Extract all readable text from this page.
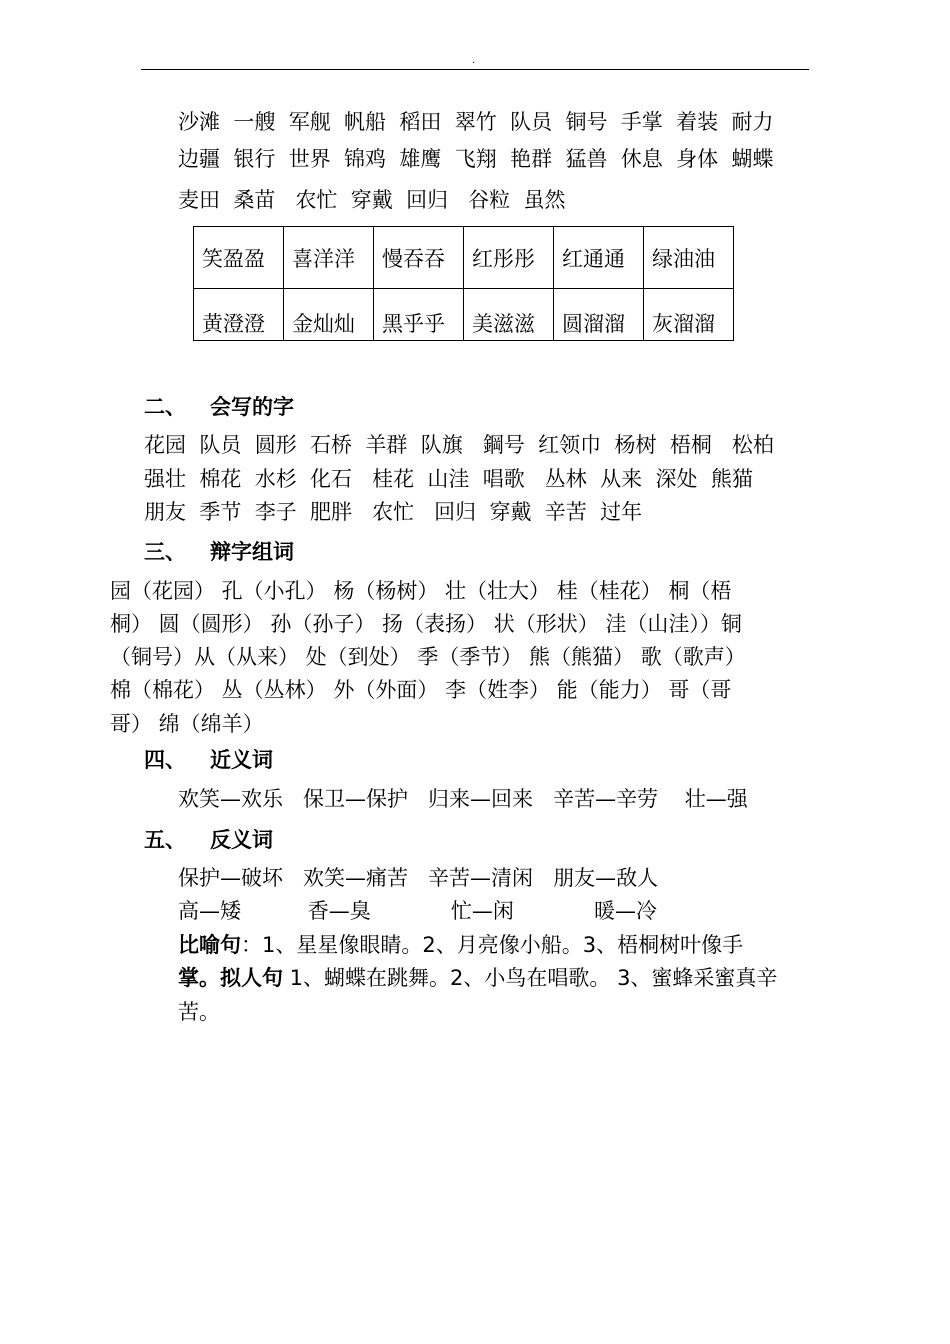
.
沙滩  一艘  军舰  帆船  稻田  翠竹  队员  铜号  手掌  着装  耐力
边疆  银行  世界  锦鸡  雄鹰  飞翔  艳群  猛兽  休息  身体  蝴蝶
麦田  桑苗   农忙  穿戴  回归   谷粒  虽然
笑盈盈	喜洋洋	慢吞吞	红彤彤	红通通	绿油油
黄澄澄	金灿灿	黑乎乎	美滋滋	圆溜溜	灰溜溜
二、 会写的字
花园  队员  圆形  石桥  羊群  队旗   鋼号  红领巾  杨树  梧桐   松柏
强壮  棉花  水杉  化石   桂花  山洼  唱歌   丛林  从来  深处  熊猫
朋友  季节  李子  肥胖   农忙   回归  穿戴  辛苦  过年
三、 辩字组词
园（花园） 孔（小孔） 杨（杨树） 壮（壮大） 桂（桂花） 桐（梧
桐） 圆（圆形） 孙（孙子） 扬（表扬） 状（形状） 洼（山洼））铜
（铜号）从（从来） 处（到处） 季（季节） 熊（熊猫） 歌（歌声）
棉（棉花） 丛（丛林） 外（外面） 李（姓李） 能（能力） 哥（哥
哥） 绵（绵羊）
四、 近义词
欢笑—欢乐   保卫—保护   归来—回来   辛苦—辛劳    壮—强
五、 反义词
保护—破坏   欢笑—痛苦   辛苦—清闲   朋友—敌人
高—矮          香—臭            忙—闲            暖—冷
比喻句：1、星星像眼睛。2、月亮像小船。3、梧桐树叶像手
掌。拟人句 1、蝴蝶在跳舞。2、小鸟在唱歌。 3、蜜蜂采蜜真辛
苦。
